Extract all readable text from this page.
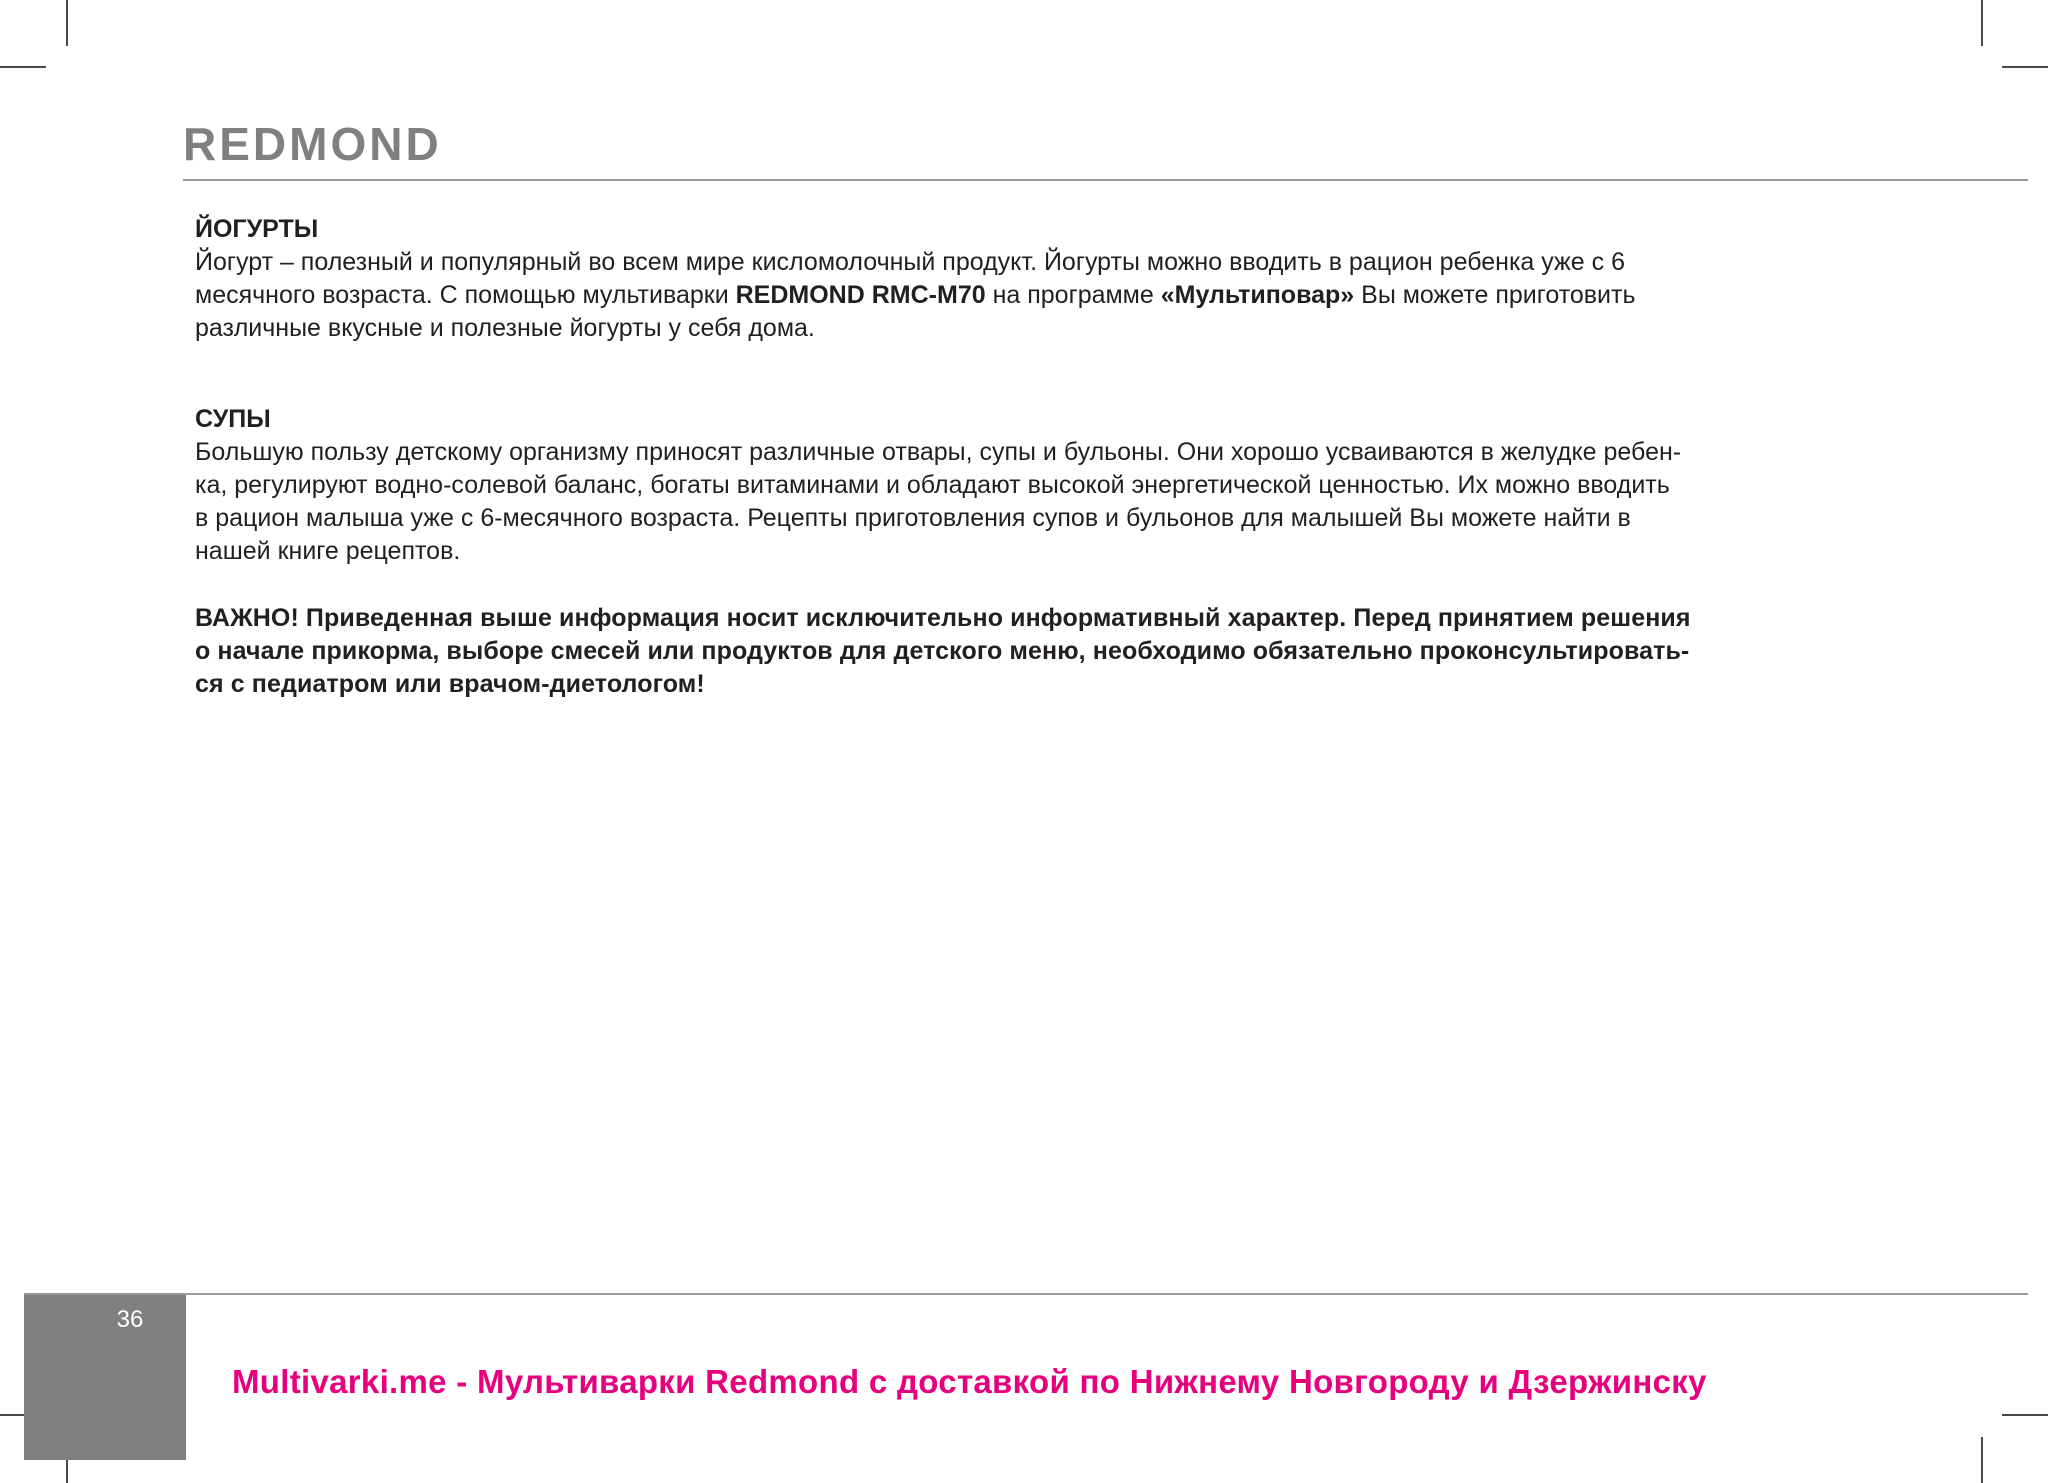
REDMOND

ЙОГУРТЫ

Йогурт – полезный и популярный во всем мире кисломолочный продукт. Йогурты можно вводить в рацион ребенка уже с 6
месячного возраста. С помощью мультиварки REDMOND RMC-M70 на программе «Мультиповар» Вы можете приготовить
различные вкусные и полезные йогурты у себя дома.

СУПЫ

Большую пользу детскому организму приносят различные отвары, супы и бульоны. Они хорошо усваиваются в желудке ребен-
ка, регулируют водно-солевой баланс, богаты витаминами и обладают высокой энергетической ценностью. Их можно вводить
в рацион малыша уже с 6-месячного возраста. Рецепты приготовления супов и бульонов для малышей Вы можете найти в
нашей книге рецептов.
ВАЖНО! Приведенная выше информация носит исключительно информативный характер. Перед принятием решения
о начале прикорма, выборе смесей или продуктов для детского меню, необходимо обязательно проконсультировать-
ся с педиатром или врачом-диетологом!
36
Multivarki.me - Мультиварки Redmond с доставкой по Нижнему Новгороду и Дзержинску
